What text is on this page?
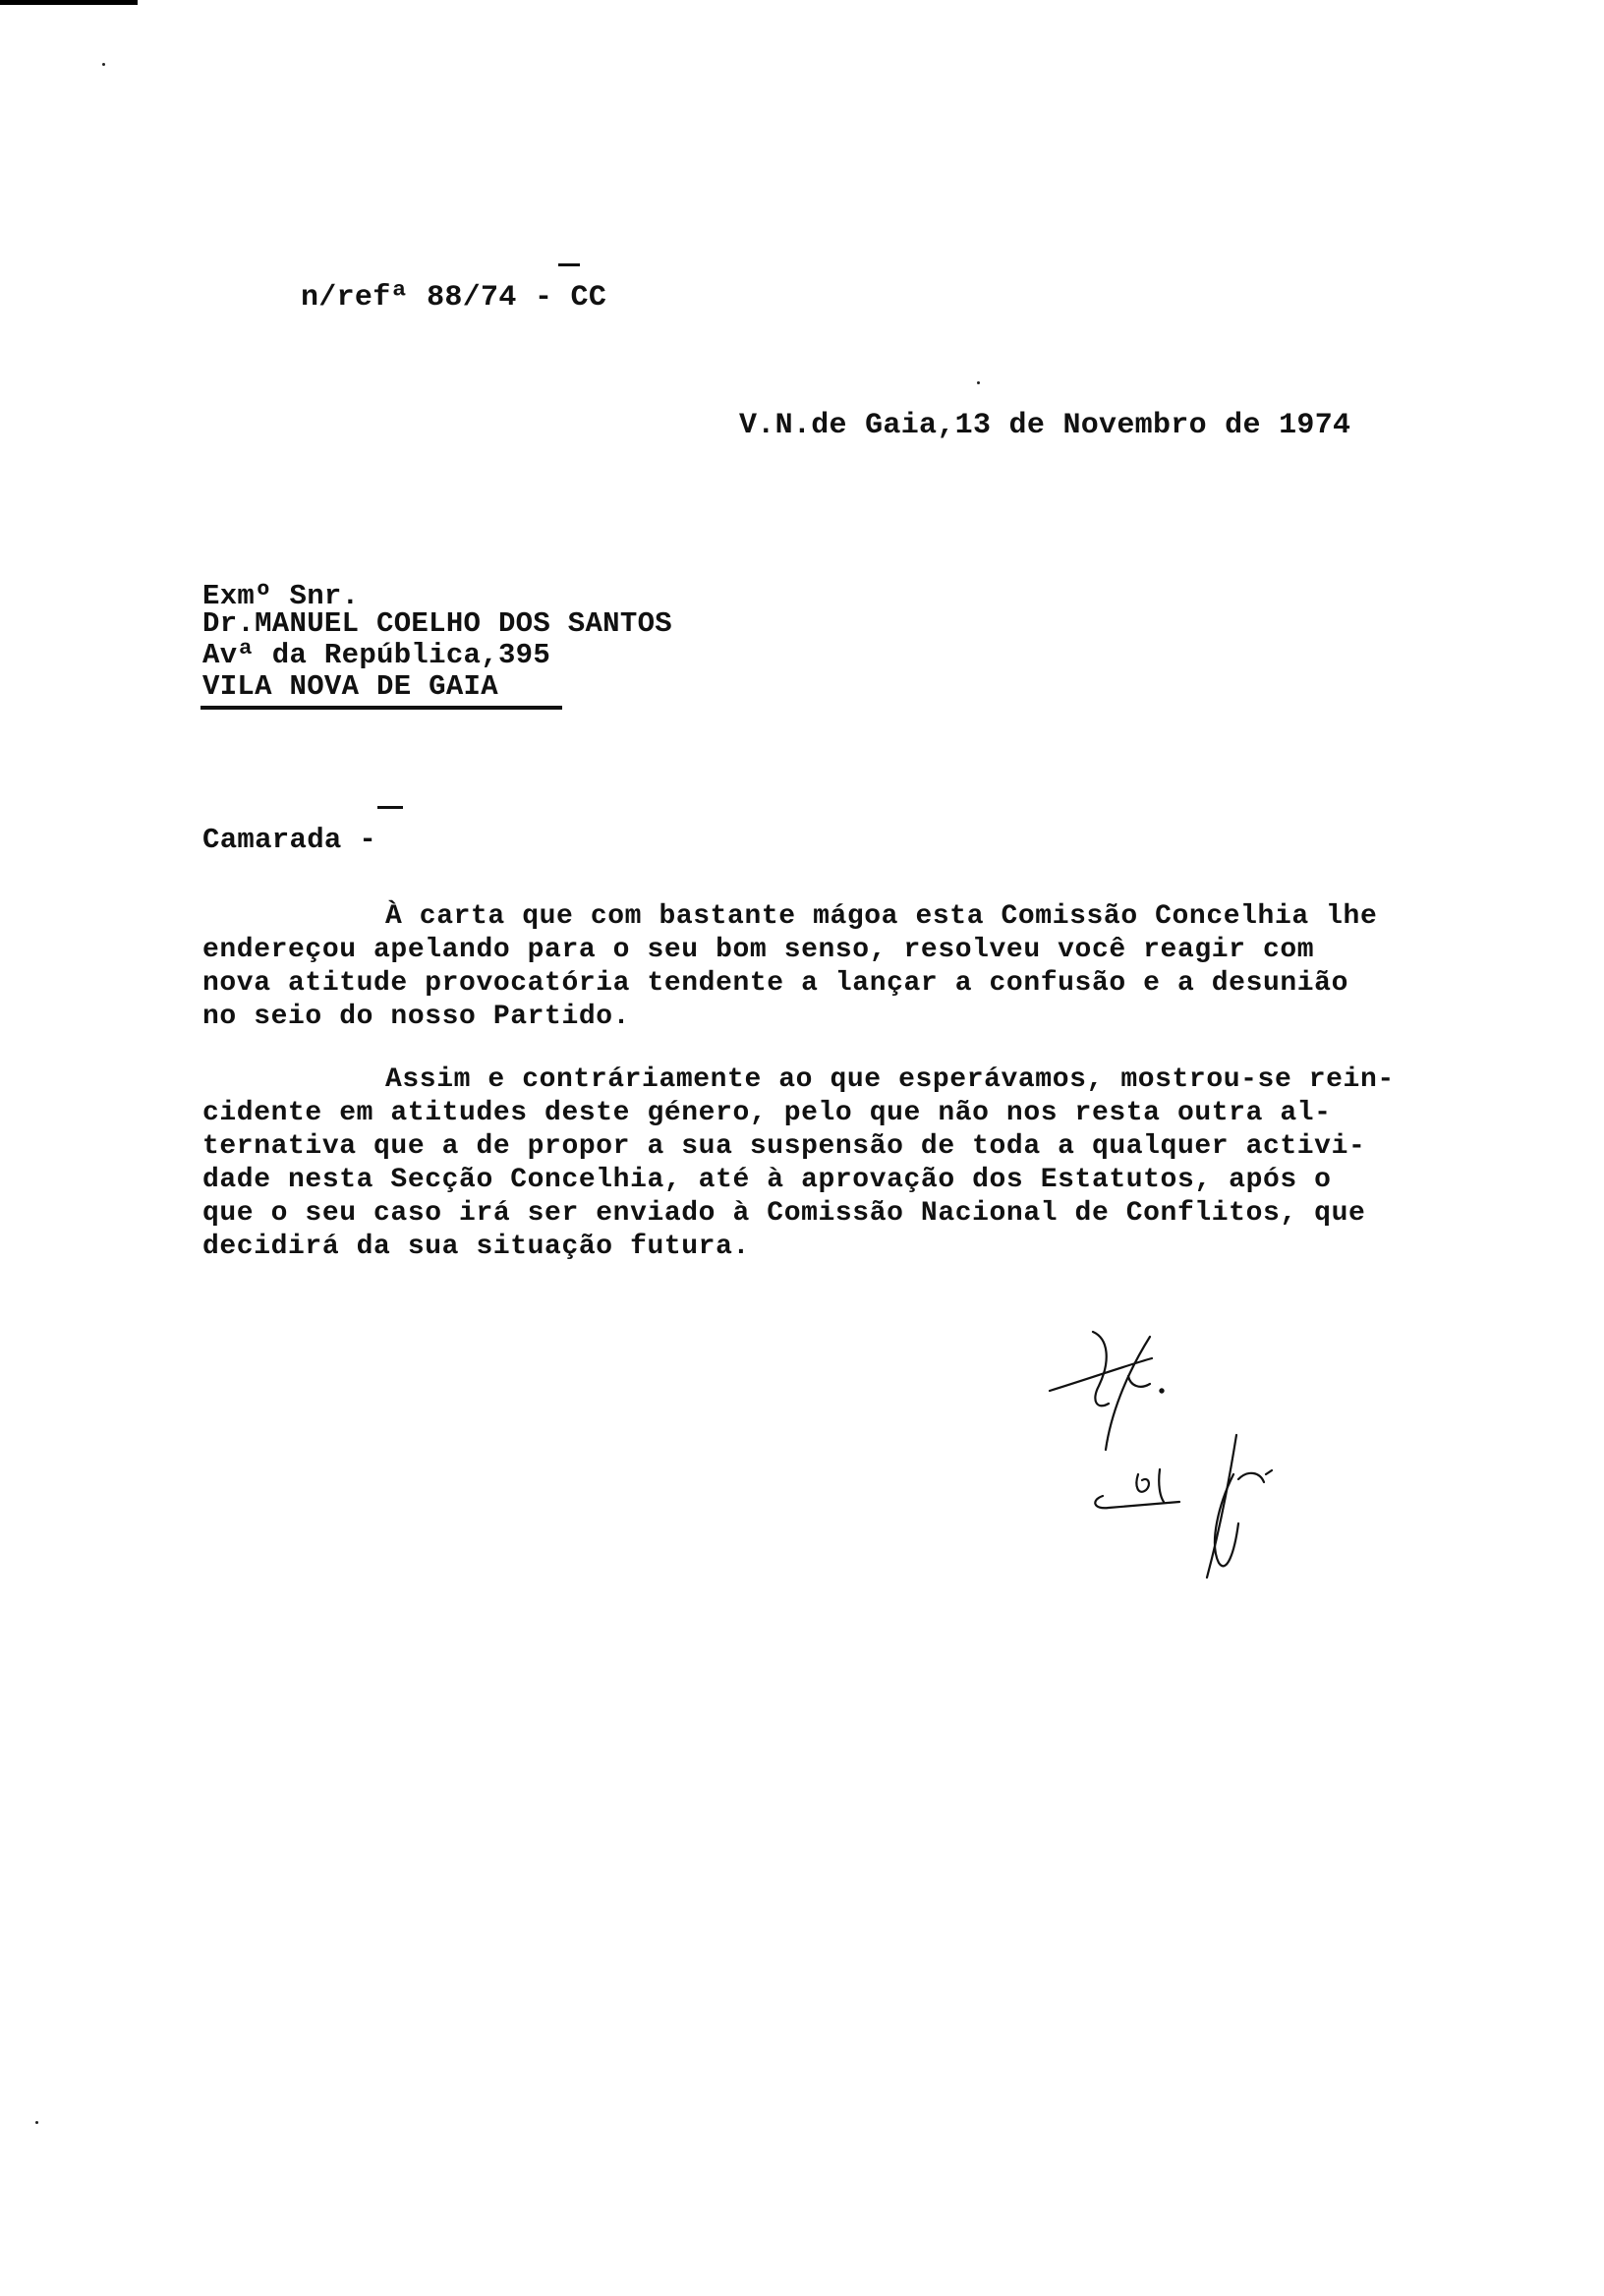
n/refª 88/74 - CC
V.N.de Gaia,13 de Novembro de 1974
Exmº Snr.
Dr.MANUEL COELHO DOS SANTOS
Avª da República,395
VILA NOVA DE GAIA
Camarada -
À carta que com bastante mágoa esta Comissão Concelhia lhe
endereçou apelando para o seu bom senso, resolveu você reagir com
nova atitude provocatória tendente a lançar a confusão e a desunião
no seio do nosso Partido.
Assim e contráriamente ao que esperávamos, mostrou-se rein-
cidente em atitudes deste género, pelo que não nos resta outra al-
ternativa que a de propor a sua suspensão de toda a qualquer activi-
dade nesta Secção Concelhia, até à aprovação dos Estatutos, após o
que o seu caso irá ser enviado à Comissão Nacional de Conflitos, que
decidirá da sua situação futura.
